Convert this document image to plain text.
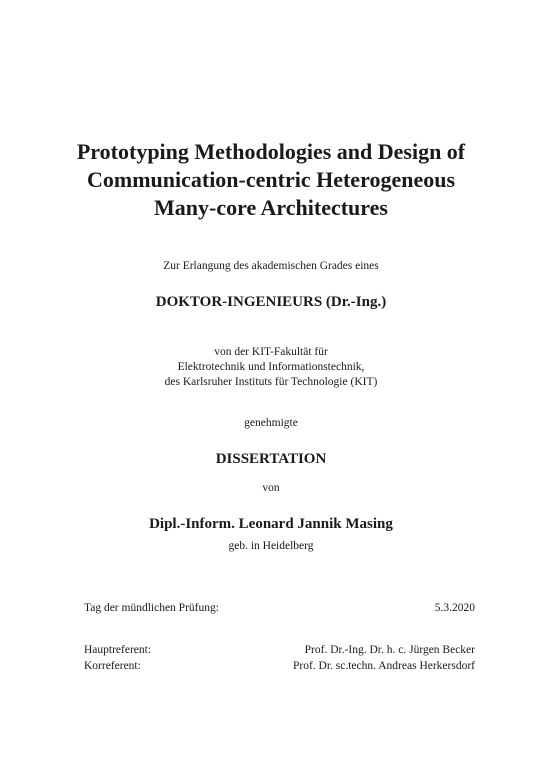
Prototyping Methodologies and Design of
Communication-centric Heterogeneous
Many-core Architectures
Zur Erlangung des akademischen Grades eines
DOKTOR-INGENIEURS (Dr.-Ing.)
von der KIT-Fakultät für
Elektrotechnik und Informationstechnik,
des Karlsruher Instituts für Technologie (KIT)
genehmigte
DISSERTATION
von
Dipl.-Inform. Leonard Jannik Masing
geb. in Heidelberg
Tag der mündlichen Prüfung:	5.3.2020
Hauptreferent:	Prof. Dr.-Ing. Dr. h. c. Jürgen Becker
Korreferent:	Prof. Dr. sc.techn. Andreas Herkersdorf
